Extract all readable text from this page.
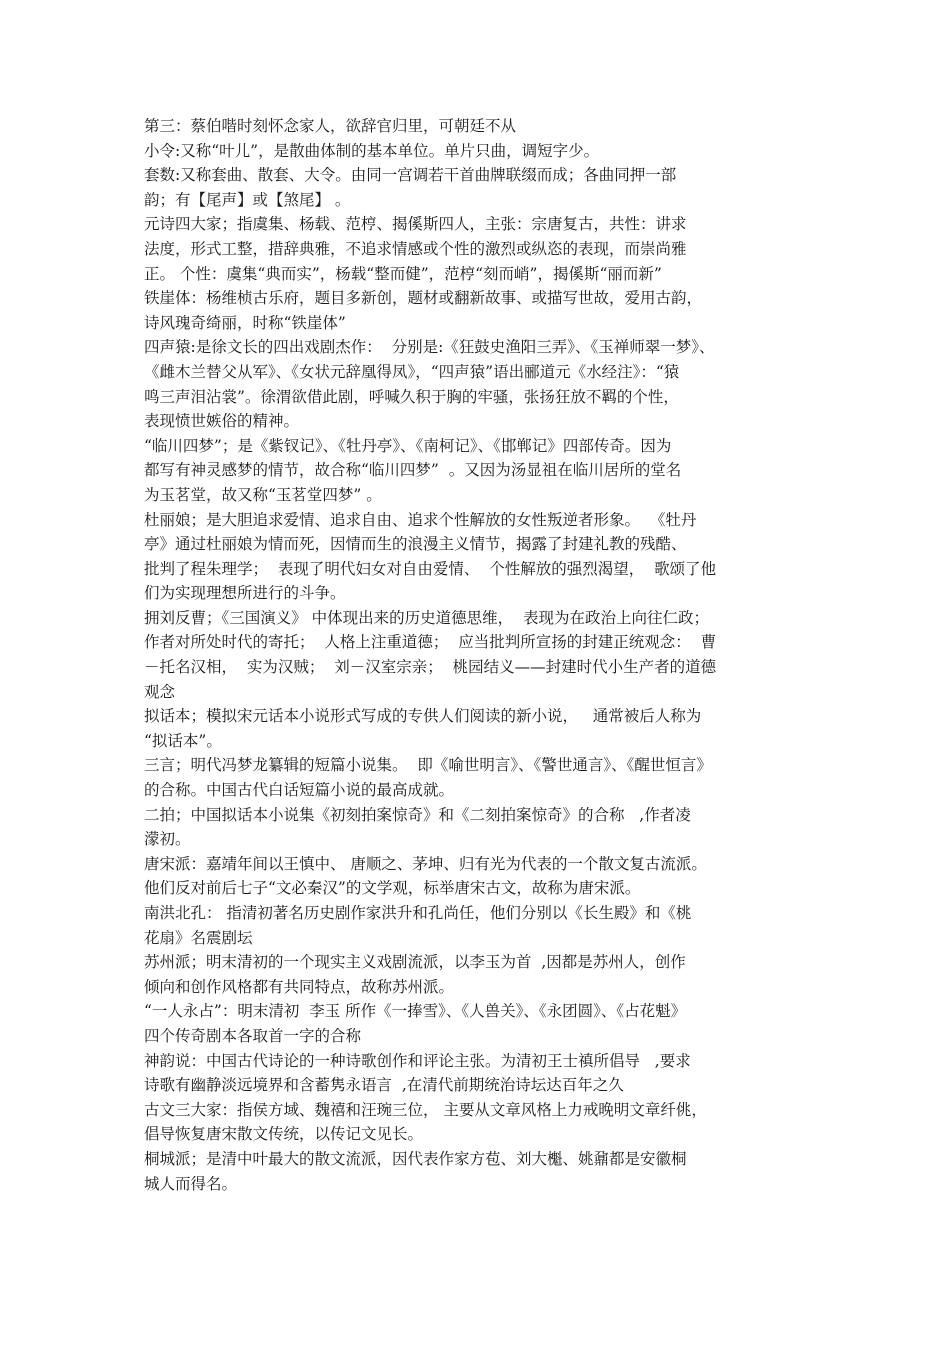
第三：蔡伯喈时刻怀念家人，欲辞官归里，可朝廷不从
小令:又称“叶儿”，是散曲体制的基本单位。单片只曲，调短字少。
套数:又称套曲、散套、大令。由同一宫调若干首曲牌联缀而成；各曲同押一部
韵；有【尾声】或【煞尾】 。
元诗四大家；指虞集、杨载、范梈、揭傒斯四人，主张：宗唐复古，共性：讲求
法度，形式工整，措辞典雅，不追求情感或个性的激烈或纵恣的表现，而崇尚雅
正。 个性：虞集“典而实”，杨载“整而健”，范梈“刻而峭”，揭傒斯“丽而新”
铁崖体：杨维桢古乐府，题目多新创，题材或翻新故事、或描写世故，爱用古韵，
诗风瑰奇绮丽，时称“铁崖体”
四声猿:是徐文长的四出戏剧杰作：  分别是:《狂鼓史渔阳三弄》、《玉禅师翠一梦》、
《雌木兰替父从军》、《女状元辞凰得凤》，“四声猿”语出郦道元《水经注》：“猿
鸣三声泪沾裳”。徐渭欲借此剧，呼喊久积于胸的牢骚，张扬狂放不羁的个性，
表现愤世嫉俗的精神。
“临川四梦”；是《紫钗记》、《牡丹亭》、《南柯记》、《邯郸记》四部传奇。因为
都写有神灵感梦的情节，故合称“临川四梦”  。又因为汤显祖在临川居所的堂名
为玉茗堂，故又称“玉茗堂四梦” 。
杜丽娘；是大胆追求爱情、追求自由、追求个性解放的女性叛逆者形象。  《牡丹
亭》通过杜丽娘为情而死，因情而生的浪漫主义情节，揭露了封建礼教的残酷、
批判了程朱理学；  表现了明代妇女对自由爱情、  个性解放的强烈渴望，  歌颂了他
们为实现理想所进行的斗争。
拥刘反曹；《三国演义》 中体现出来的历史道德思维，  表现为在政治上向往仁政；
作者对所处时代的寄托；  人格上注重道德；  应当批判所宣扬的封建正统观念：  曹
－托名汉相，  实为汉贼；  刘－汉室宗亲；  桃园结义——封建时代小生产者的道德
观念
拟话本；模拟宋元话本小说形式写成的专供人们阅读的新小说，   通常被后人称为
“拟话本”。
三言；明代冯梦龙纂辑的短篇小说集。  即《喻世明言》、《警世通言》、《醒世恒言》
的合称。中国古代白话短篇小说的最高成就。
二拍；中国拟话本小说集《初刻拍案惊奇》和《二刻拍案惊奇》的合称   ,作者凌
濛初。
唐宋派：嘉靖年间以王慎中、 唐顺之、茅坤、归有光为代表的一个散文复古流派。
他们反对前后七子“文必秦汉”的文学观，标举唐宋古文，故称为唐宋派。
南洪北孔： 指清初著名历史剧作家洪升和孔尚任，他们分别以《长生殿》和《桃
花扇》名震剧坛
苏州派；明末清初的一个现实主义戏剧流派，以李玉为首  ,因都是苏州人，创作
倾向和创作风格都有共同特点，故称苏州派。
“一人永占”：明末清初  李玉 所作《一捧雪》、《人兽关》、《永团圆》、《占花魁》
四个传奇剧本各取首一字的合称
神韵说：中国古代诗论的一种诗歌创作和评论主张。为清初王士禛所倡导   ,要求
诗歌有幽静淡远境界和含蓄隽永语言  ,在清代前期统治诗坛达百年之久
古文三大家：指侯方域、魏禧和汪琬三位， 主要从文章风格上力戒晚明文章纤佻，
倡导恢复唐宋散文传统，以传记文见长。
桐城派；是清中叶最大的散文流派，因代表作家方苞、刘大櫆、姚鼐都是安徽桐
城人而得名。
